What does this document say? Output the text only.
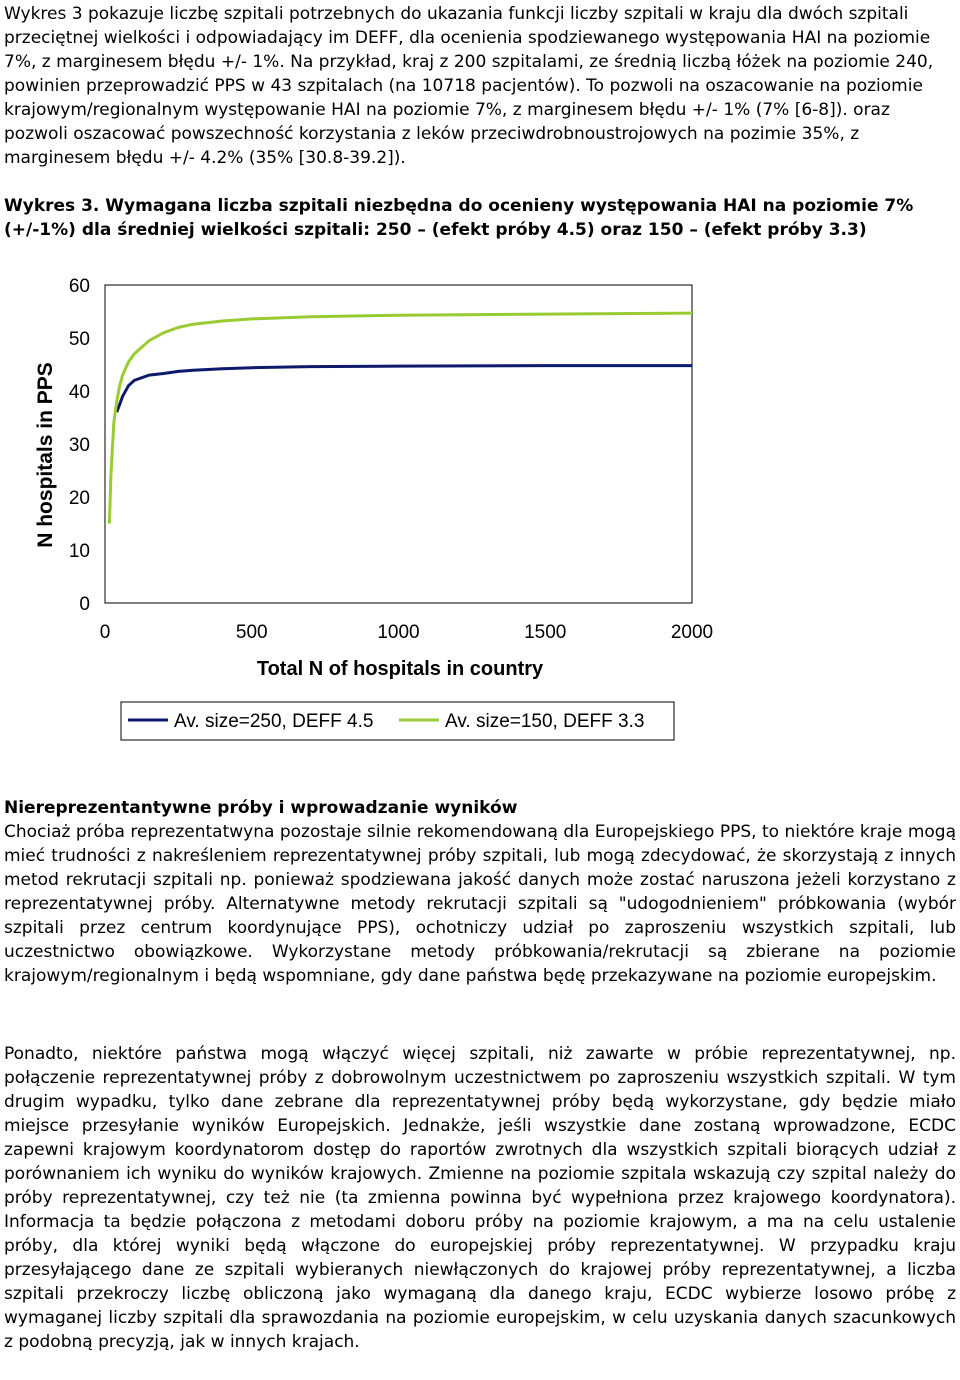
Wykres 3 pokazuje liczbę szpitali potrzebnych do ukazania funkcji liczby szpitali w kraju dla dwóch szpitali przeciętnej wielkości i odpowiadający im DEFF, dla ocenienia spodziewanego występowania HAI na poziomie 7%, z marginesem błędu +/- 1%. Na przykład, kraj z 200 szpitalami, ze średnią liczbą łóżek na poziomie 240, powinien przeprowadzić PPS w 43 szpitalach (na 10718 pacjentów). To pozwoli na oszacowanie na poziomie krajowym/regionalnym występowanie HAI na poziomie 7%, z marginesem błędu +/- 1% (7% [6-8]). oraz pozwoli oszacować powszechność korzystania z leków przeciwdrobnoustrojowych na pozimie 35%, z marginesem błędu +/- 4.2% (35% [30.8-39.2]).

Wykres 3. Wymagana liczba szpitali niezbędna do ocenieny występowania HAI na poziomie 7% (+/-1%) dla średniej wielkości szpitali: 250 – (efekt próby 4.5) oraz 150 – (efekt próby 3.3)

N hospitals in PPS
0
10
20
30
40
50
60
0	500	1000	1500	2000
Total N of hospitals in country
Av. size=250, DEFF 4.5	Av. size=150, DEFF 3.3

Niereprezentantywne próby i wprowadzanie wyników

Chociaż próba reprezentatwyna pozostaje silnie rekomendowaną dla Europejskiego PPS, to niektóre kraje mogą mieć trudności z nakreśleniem reprezentatywnej próby szpitali, lub mogą zdecydować, że skorzystają z innych metod rekrutacji szpitali np. ponieważ spodziewana jakość danych może zostać naruszona jeżeli korzystano z reprezentatywnej próby. Alternatywne metody rekrutacji szpitali są "udogodnieniem" próbkowania (wybór szpitali przez centrum koordynujące PPS), ochotniczy udział po zaproszeniu wszystkich szpitali, lub uczestnictwo obowiązkowe. Wykorzystane metody próbkowania/rekrutacji są zbierane na poziomie krajowym/regionalnym i będą wspomniane, gdy dane państwa będę przekazywane na poziomie europejskim.

Ponadto, niektóre państwa mogą włączyć więcej szpitali, niż zawarte w próbie reprezentatywnej, np. połączenie reprezentatywnej próby z dobrowolnym uczestnictwem po zaproszeniu wszystkich szpitali. W tym drugim wypadku, tylko dane zebrane dla reprezentatywnej próby będą wykorzystane, gdy będzie miało miejsce przesyłanie wyników Europejskich. Jednakże, jeśli wszystkie dane zostaną wprowadzone, ECDC zapewni krajowym koordynatorom dostęp do raportów zwrotnych dla wszystkich szpitali biorących udział z porównaniem ich wyniku do wyników krajowych. Zmienne na poziomie szpitala wskazują czy szpital należy do próby reprezentatywnej, czy też nie (ta zmienna powinna być wypełniona przez krajowego koordynatora). Informacja ta będzie połączona z metodami doboru próby na poziomie krajowym, a ma na celu ustalenie próby, dla której wyniki będą włączone do europejskiej próby reprezentatywnej. W przypadku kraju przesyłającego dane ze szpitali wybieranych niewłączonych do krajowej próby reprezentatywnej, a liczba szpitali przekroczy liczbę obliczoną jako wymaganą dla danego kraju, ECDC wybierze losowo próbę z wymaganej liczby szpitali dla sprawozdania na poziomie europejskim, w celu uzyskania danych szacunkowych z podobną precyzją, jak w innych krajach.
